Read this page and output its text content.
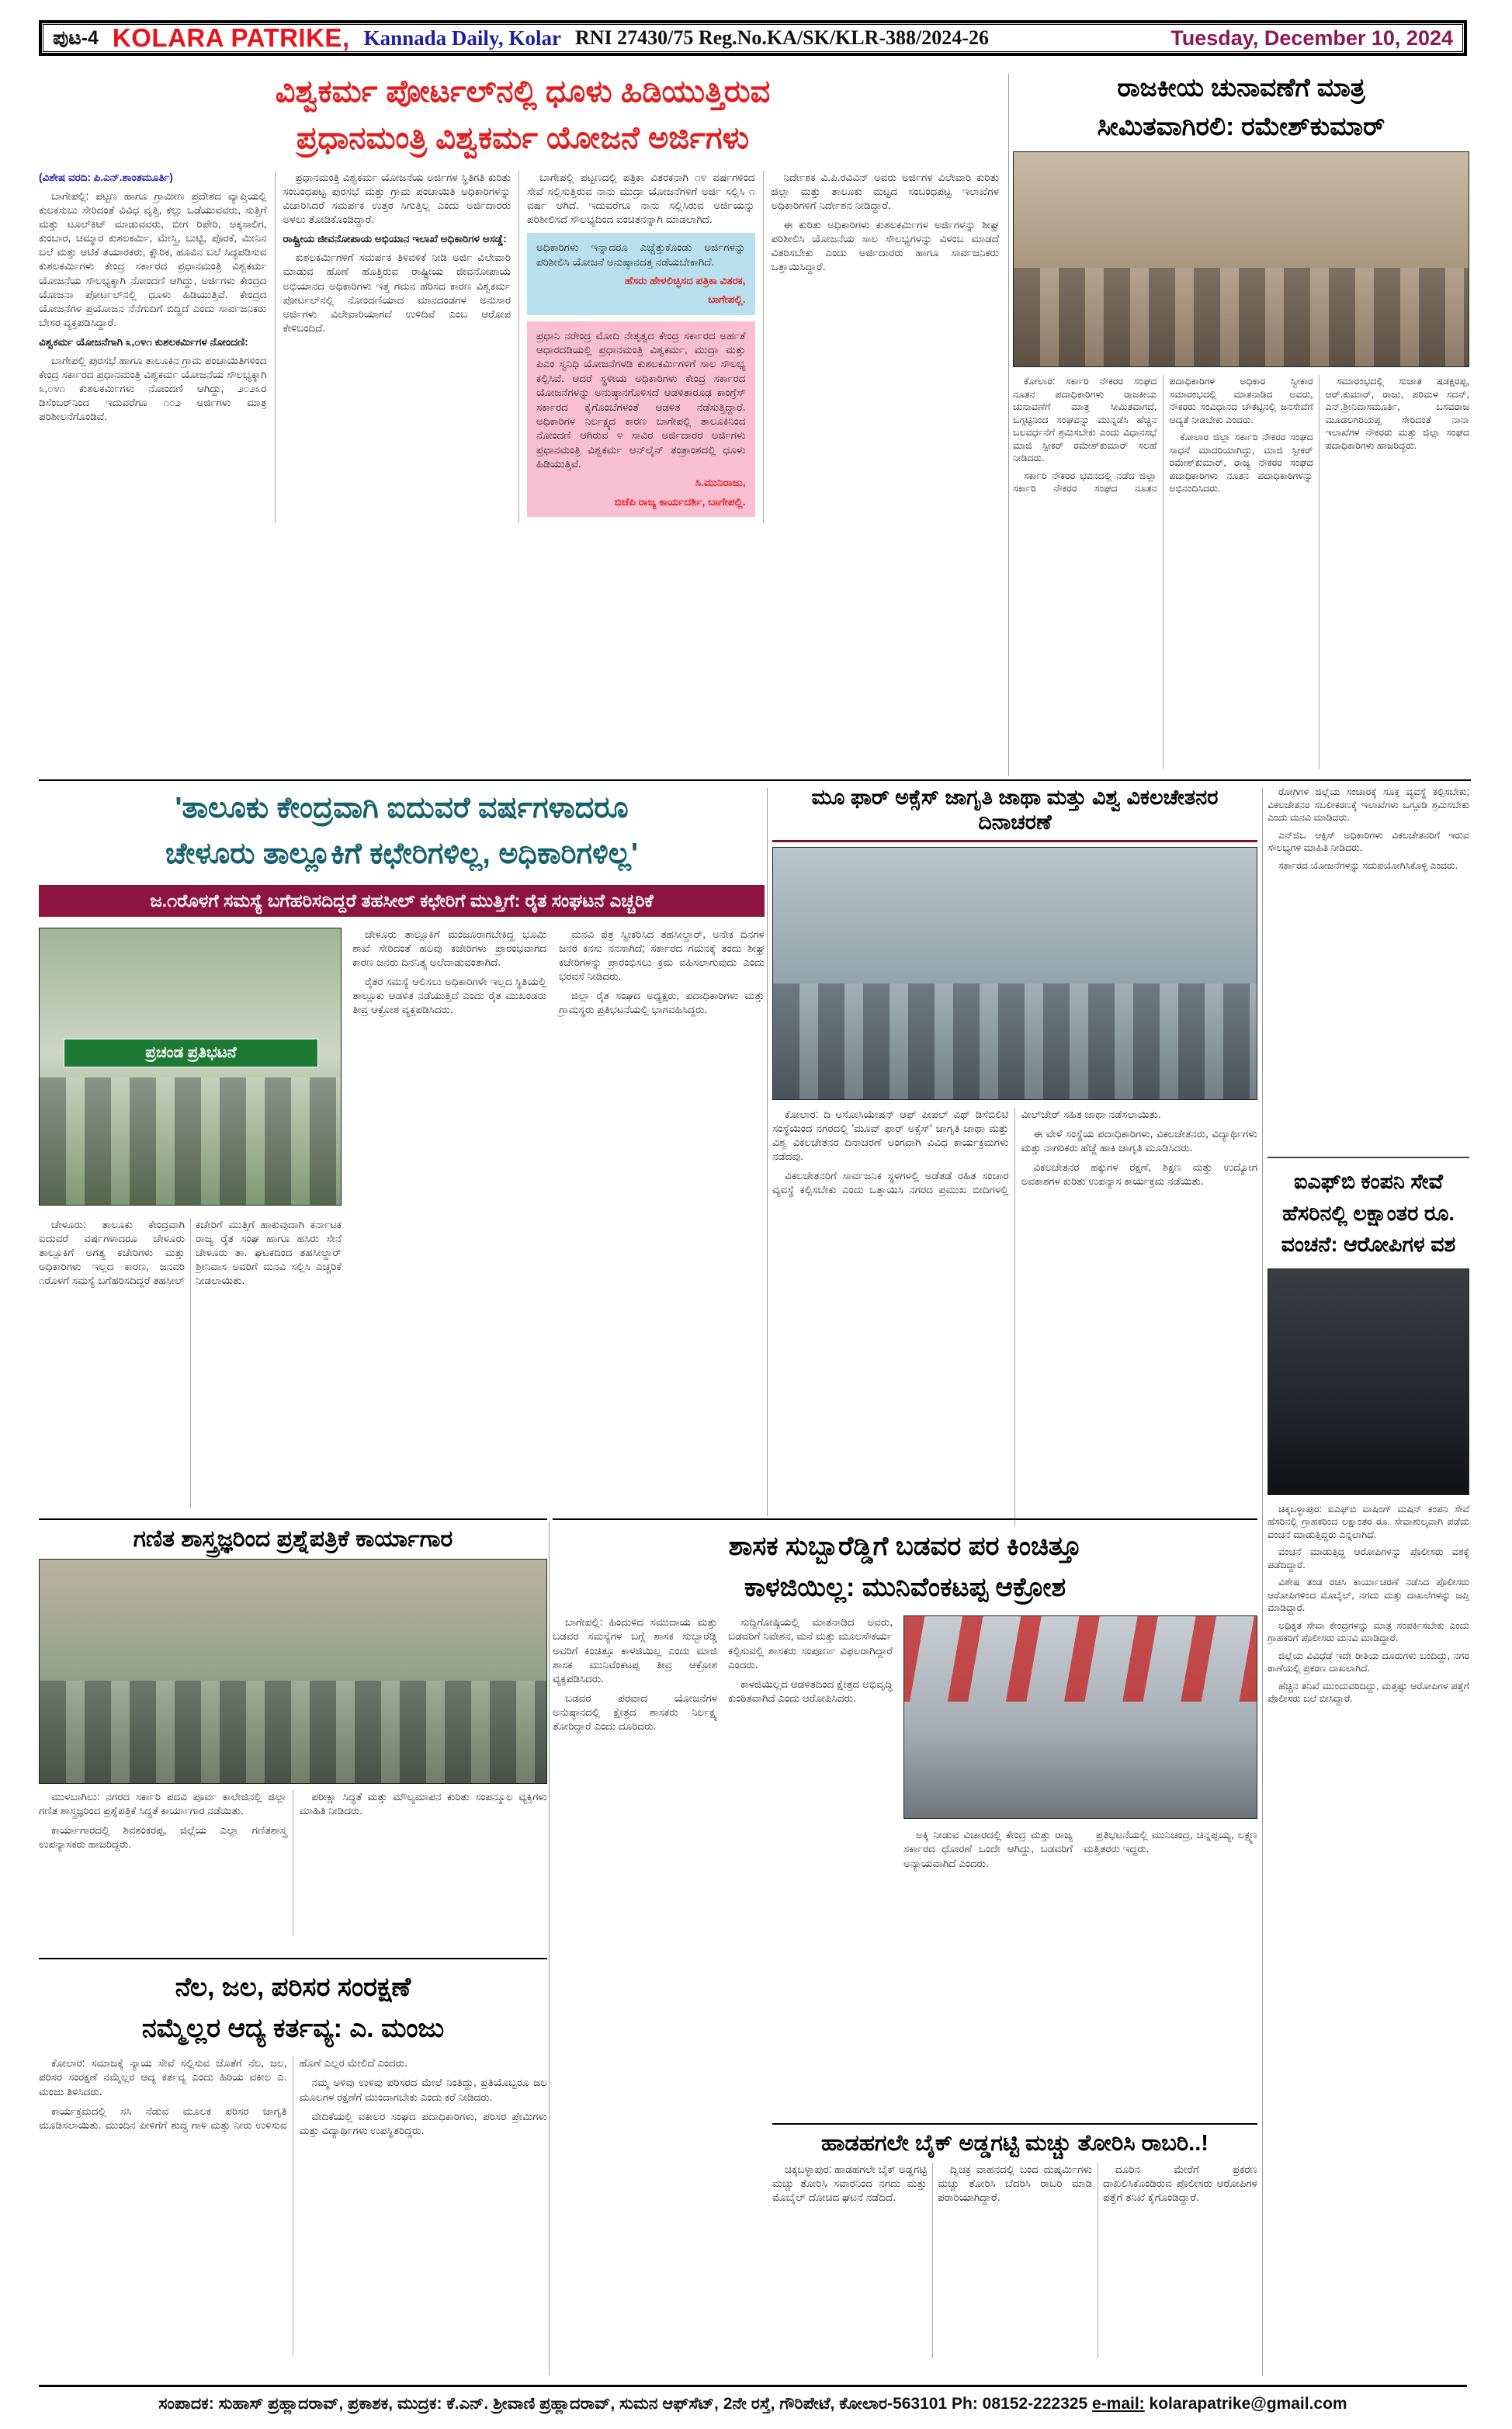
ಪುಟ-4 KOLARA PATRIKE, Kannada Daily, Kolar RNI 27430/75 Reg.No.KA/SK/KLR-388/2024-26	Tuesday, December 10, 2024
ವಿಶ್ವಕರ್ಮ ಪೋರ್ಟಲ್‌ನಲ್ಲಿ ಧೂಳು ಹಿಡಿಯುತ್ತಿರುವ
ಪ್ರಧಾನಮಂತ್ರಿ ವಿಶ್ವಕರ್ಮ ಯೋಜನೆ ಅರ್ಜಿಗಳು
(ವಿಶೇಷ ವರದಿ: ಪಿ.ಎನ್.ಶಾಂತಮೂರ್ತಿ)

ಬಾಗೇಪಲ್ಲಿ: ಪಟ್ಟಣ ಹಾಗೂ ಗ್ರಾಮೀಣ ಪ್ರದೇಶದ ವ್ಯಾಪ್ತಿಯಲ್ಲಿ ಕುಲಕಸುಬು ಸೇರಿದಂತೆ ವಿವಿಧ ವೃತ್ತಿ, ಕಲ್ಲು ಒಡೆಯುವವರು, ಸುತ್ತಿಗೆ ಮತ್ತು ಟೂಲ್‌ಕಿಟ್ ಮಾಡುವವರು, ಬೀಗ ರಿಪೇರಿ, ಅಕ್ಕಸಾಲಿಗ, ಕುಂಬಾರ, ಚಮ್ಮಾರ ಕುಶಲಕರ್ಮಿ, ಮೇಸ್ತ್ರಿ, ಬುಟ್ಟಿ, ಪೊರಕೆ, ಮೀನಿನ ಬಲೆ ಮತ್ತು ಆಟಿಕೆ ತಯಾರಕರು, ಕ್ಷೌರಿಕ, ಹೂವಿನ ಬಲೆ ಸಿದ್ಧಪಡಿಸುವ ಕುಶಲಕರ್ಮಿಗಳು ಕೇಂದ್ರ ಸರ್ಕಾರದ ಪ್ರಧಾನಮಂತ್ರಿ ವಿಶ್ವಕರ್ಮ ಯೋಜನೆಯ ಸೌಲಭ್ಯಕ್ಕಾಗಿ ನೋಂದಣಿ ಆಗಿದ್ದು, ಅರ್ಜಿಗಳು ಕೇಂದ್ರದ ಯೋಜನಾ ಪೋರ್ಟಲ್‌ನಲ್ಲಿ ಧೂಳು ಹಿಡಿಯುತ್ತಿವೆ. ಕೇಂದ್ರದ ಯೋಜನೆಗಳ ಪ್ರಯೋಜನ ನೆನೆಗುದಿಗೆ ಬಿದ್ದಿದೆ ಎಂದು ಸಾರ್ವಜನಿಕರು ಬೇಸರ ವ್ಯಕ್ತಪಡಿಸಿದ್ದಾರೆ.

ವಿಶ್ವಕರ್ಮ ಯೋಜನೆಗಾಗಿ ೩,೦೪೧ ಕುಶಲಕರ್ಮಿಗಳ ನೋಂದಣಿ:

ಬಾಗೇಪಲ್ಲಿ ಪುರಸಭೆ ಹಾಗೂ ತಾಲೂಕಿನ ಗ್ರಾಮ ಪಂಚಾಯಿತಿಗಳಿಂದ ಕೇಂದ್ರ ಸರ್ಕಾರದ ಪ್ರಧಾನಮಂತ್ರಿ ವಿಶ್ವಕರ್ಮ ಯೋಜನೆಯ ಸೌಲಭ್ಯಕ್ಕಾಗಿ ೩,೦೪೧ ಕುಶಲಕರ್ಮಿಗಳು ನೋಂದಣಿ ಆಗಿದ್ದು, ೨೦೨೩ರ ಡಿಸೆಂಬರ್‌ನಿಂದ ಇದುವರೆಗೂ ೧೦೨ ಅರ್ಜಿಗಳು ಮಾತ್ರ ಪರಿಶೀಲನೆಗೊಂಡಿವೆ.

ಪ್ರಧಾನಮಂತ್ರಿ ವಿಶ್ವಕರ್ಮ ಯೋಜನೆಯ ಅರ್ಜಿಗಳ ಸ್ಥಿತಿಗತಿ ಕುರಿತು ಸಂಬಂಧಪಟ್ಟ ಪುರಸಭೆ ಮತ್ತು ಗ್ರಾಮ ಪಂಚಾಯಿತಿ ಅಧಿಕಾರಿಗಳನ್ನು ವಿಚಾರಿಸಿದರೆ ಸಮರ್ಪಕ ಉತ್ತರ ಸಿಗುತ್ತಿಲ್ಲ ಎಂದು ಅರ್ಜಿದಾರರು ಅಳಲು ತೋಡಿಕೊಂಡಿದ್ದಾರೆ.

ರಾಷ್ಟ್ರೀಯ ಜೀವನೋಪಾಯ ಅಭಿಯಾನ ಇಲಾಖೆ ಅಧಿಕಾರಿಗಳ ಅಸಡ್ಡೆ:

ಕುಶಲಕರ್ಮಿಗಳಿಗೆ ಸಮರ್ಪಕ ತಿಳಿವಳಿಕೆ ನೀಡಿ ಅರ್ಜಿ ವಿಲೇವಾರಿ ಮಾಡುವ ಹೊಣೆ ಹೊತ್ತಿರುವ ರಾಷ್ಟ್ರೀಯ ಜೀವನೋಪಾಯ ಅಭಿಯಾನದ ಅಧಿಕಾರಿಗಳು ಇತ್ತ ಗಮನ ಹರಿಸದ ಕಾರಣ ವಿಶ್ವಕರ್ಮ ಪೋರ್ಟಲ್‌ನಲ್ಲಿ ನೋಂದಣಿಯಾದ ಮಾನದಂಡಗಳ ಅನುಸಾರ ಅರ್ಜಿಗಳು ವಿಲೇವಾರಿಯಾಗದೆ ಉಳಿದಿವೆ ಎಂಬ ಆರೋಪ ಕೇಳಿಬಂದಿದೆ.

ಬಾಗೇಪಲ್ಲಿ ಪಟ್ಟಣದಲ್ಲಿ ಪತ್ರಿಕಾ ವಿತರಕನಾಗಿ ೧೪ ವರ್ಷಗಳಿಂದ ಸೇವೆ ಸಲ್ಲಿಸುತ್ತಿರುವ ನಾನು ಮುದ್ರಾ ಯೋಜನೆಗಳಿಗೆ ಅರ್ಜಿ ಸಲ್ಲಿಸಿ ೧ ವರ್ಷ ಆಗಿದೆ. ಇದುವರೆಗೂ ನಾನು ಸಲ್ಲಿಸಿರುವ ಅರ್ಜಿಯನ್ನು ಪರಿಶೀಲಿಸದೆ ಸೌಲಭ್ಯದಿಂದ ವಂಚಿತನನ್ನಾಗಿ ಮಾಡಲಾಗಿದೆ.

ಅಧಿಕಾರಿಗಳು ಇನ್ನಾದರೂ ಎಚ್ಚೆತ್ತುಕೊಂಡು ಅರ್ಜಿಗಳನ್ನು ಪರಿಶೀಲಿಸಿ ಯೋಜನೆ ಅನುಷ್ಠಾನದತ್ತ ನಡೆಯಬೇಕಾಗಿದೆ.
ಹೆಸರು ಹೇಳಲಿಚ್ಛಿಸದ ಪತ್ರಿಕಾ ವಿತರಕ,
ಬಾಗೇಪಲ್ಲಿ.
ಪ್ರಧಾನಿ ನರೇಂದ್ರ ಮೋದಿ ನೇತೃತ್ವದ ಕೇಂದ್ರ ಸರ್ಕಾರದ ಅರ್ಹತೆ ಆಧಾರದಡಿಯಲ್ಲಿ ಪ್ರಧಾನಮಂತ್ರಿ ವಿಶ್ವಕರ್ಮ, ಮುದ್ರಾ ಮತ್ತು ಪಿಎಂ ಸ್ವನಿಧಿ ಯೋಜನೆಗಳಡಿ ಕುಶಲಕರ್ಮಿಗಳಿಗೆ ಸಾಲ ಸೌಲಭ್ಯ ಕಲ್ಪಿಸಿವೆ. ಆದರೆ ಸ್ಥಳೀಯ ಅಧಿಕಾರಿಗಳು ಕೇಂದ್ರ ಸರ್ಕಾರದ ಯೋಜನೆಗಳನ್ನು ಅನುಷ್ಠಾನಗೊಳಿಸದೆ ಆಡಳಿತಾರೂಢ ಕಾಂಗ್ರೆಸ್ ಸರ್ಕಾರದ ಕೈಗೊಂಬೆಗಳಂತೆ ಆಡಳಿತ ನಡೆಸುತ್ತಿದ್ದಾರೆ. ಅಧಿಕಾರಿಗಳ ನಿರ್ಲಕ್ಷ್ಯದ ಕಾರಣ ಬಾಗೇಪಲ್ಲಿ ತಾಲೂಕಿನಿಂದ ನೋಂದಣಿ ಆಗಿರುವ ೪ ಸಾವಿರ ಅರ್ಜಿದಾರರ ಅರ್ಜಿಗಳು ಪ್ರಧಾನಮಂತ್ರಿ ವಿಶ್ವಕರ್ಮ ಆನ್‌ಲೈನ್ ತಂತ್ರಾಂಶದಲ್ಲಿ ಧೂಳು ಹಿಡಿಯುತ್ತಿವೆ.
ಸಿ.ಮುನಿರಾಜು,
ಬಿಜೆಪಿ ರಾಜ್ಯ ಕಾರ್ಯದರ್ಶಿ, ಬಾಗೇಪಲ್ಲಿ.

ನಿರ್ದೇಶಕ ವಿ.ಪಿ.ರವಿವಿನ್ ಅವರು ಅರ್ಜಿಗಳ ವಿಲೇವಾರಿ ಕುರಿತು ಜಿಲ್ಲಾ ಮತ್ತು ತಾಲೂಕು ಮಟ್ಟದ ಸಂಬಂಧಪಟ್ಟ ಇಲಾಖೆಗಳ ಅಧಿಕಾರಿಗಳಿಗೆ ನಿರ್ದೇಶನ ನೀಡಿದ್ದಾರೆ.

ಈ ಕುರಿತು ಅಧಿಕಾರಿಗಳು ಕುಶಲಕರ್ಮಿಗಳ ಅರ್ಜಿಗಳನ್ನು ಶೀಘ್ರ ಪರಿಶೀಲಿಸಿ ಯೋಜನೆಯ ಸಾಲ ಸೌಲಭ್ಯಗಳನ್ನು ವಿಳಂಬ ಮಾಡದೆ ವಿತರಿಸಬೇಕು ಎಂದು ಅರ್ಜಿದಾರರು ಹಾಗೂ ಸಾರ್ವಜನಿಕರು ಒತ್ತಾಯಿಸಿದ್ದಾರೆ.

ರಾಜಕೀಯ ಚುನಾವಣೆಗೆ ಮಾತ್ರ
ಸೀಮಿತವಾಗಿರಲಿ: ರಮೇಶ್‌ಕುಮಾರ್

ಕೋಲಾರ: ಸರ್ಕಾರಿ ನೌಕರರ ಸಂಘದ ನೂತನ ಪದಾಧಿಕಾರಿಗಳು ರಾಜಕೀಯ ಚುನಾವಣೆಗೆ ಮಾತ್ರ ಸೀಮಿತವಾಗದೆ, ಒಗ್ಗಟ್ಟಿನಿಂದ ಸಂಘವನ್ನು ಮುನ್ನಡೆಸಿ ಹೆಚ್ಚಿನ ಬಲವರ್ಧನೆಗೆ ಶ್ರಮಿಸಬೇಕು ಎಂದು ವಿಧಾನಸಭೆ ಮಾಜಿ ಸ್ಪೀಕರ್ ರಮೇಶ್‌ಕುಮಾರ್ ಸಲಹೆ ನೀಡಿದರು.

ಸರ್ಕಾರಿ ನೌಕರರ ಭವನದಲ್ಲಿ ನಡೆದ ಜಿಲ್ಲಾ ಸರ್ಕಾರಿ ನೌಕರರ ಸಂಘದ ನೂತನ ಪದಾಧಿಕಾರಿಗಳ ಅಧಿಕಾರ ಸ್ವೀಕಾರ ಸಮಾರಂಭದಲ್ಲಿ ಮಾತನಾಡಿದ ಅವರು, ನೌಕರರು ಸಂವಿಧಾನದ ಚೌಕಟ್ಟಿನಲ್ಲಿ ಜನಸೇವೆಗೆ ಆದ್ಯತೆ ನೀಡಬೇಕು ಎಂದರು.

ಕೋಲಾರ ಜಿಲ್ಲಾ ಸರ್ಕಾರಿ ನೌಕರರ ಸಂಘದ ಸಾಧನೆ ಮಾದರಿಯಾಗಿದ್ದು, ಮಾಜಿ ಸ್ಪೀಕರ್ ರಮೇಶ್‌ಕುಮಾರ್, ರಾಜ್ಯ ನೌಕರರ ಸಂಘದ ಪದಾಧಿಕಾರಿಗಳು ನೂತನ ಪದಾಧಿಕಾರಿಗಳನ್ನು ಅಭಿನಂದಿಸಿದರು.

ಸಮಾರಂಭದಲ್ಲಿ ಸುಜಾತ ಷಡಕ್ಷರಪ್ಪ, ಆರ್.ಕುಮಾರ್, ರಾಜು, ಪರಿಮಳ ಸದನ್, ಎನ್.ಶ್ರೀನಿವಾಸಮೂರ್ತಿ, ಬಸವರಾಜ ಮೂಡಲಗಿರಿಯಪ್ಪ ಸೇರಿದಂತೆ ನಾನಾ ಇಲಾಖೆಗಳ ನೌಕರರು ಮತ್ತು ಜಿಲ್ಲಾ ಸಂಘದ ಪದಾಧಿಕಾರಿಗಳು ಹಾಜರಿದ್ದರು.

'ತಾಲೂಕು ಕೇಂದ್ರವಾಗಿ ಐದುವರೆ ವರ್ಷಗಳಾದರೂ
ಚೇಳೂರು ತಾಲ್ಲೂಕಿಗೆ ಕಛೇರಿಗಳಿಲ್ಲ, ಅಧಿಕಾರಿಗಳಿಲ್ಲ'
ಜ.೧ರೊಳಗೆ ಸಮಸ್ಯೆ ಬಗೆಹರಿಸದಿದ್ದರೆ ತಹಸೀಲ್ ಕಛೇರಿಗೆ ಮುತ್ತಿಗೆ: ರೈತ ಸಂಘಟನೆ ಎಚ್ಚರಿಕೆ
ಪ್ರಚಂಡ ಪ್ರತಿಭಟನೆ

ಚೇಳೂರು ತಾಲ್ಲೂಕಿಗೆ ಮಂಜೂರಾಗಬೇಕಿದ್ದ ಭೂಮಿ ಶಾಖೆ ಸೇರಿದಂತೆ ಹಲವು ಕಚೇರಿಗಳು ಪ್ರಾರಂಭವಾಗದ ಕಾರಣ ಜನರು ದಿನನಿತ್ಯ ಅಲೆದಾಡುವಂತಾಗಿದೆ.

ರೈತರ ಸಮಸ್ಯೆ ಆಲಿಸಲು ಅಧಿಕಾರಿಗಳೇ ಇಲ್ಲದ ಸ್ಥಿತಿಯಲ್ಲಿ ತಾಲ್ಲೂಕು ಆಡಳಿತ ನಡೆಯುತ್ತಿದೆ ಎಂದು ರೈತ ಮುಖಂಡರು ತೀವ್ರ ಆಕ್ರೋಶ ವ್ಯಕ್ತಪಡಿಸಿದರು.

ಮನವಿ ಪತ್ರ ಸ್ವೀಕರಿಸಿದ ತಹಸೀಲ್ದಾರ್, ಅನೇಕ ದಿನಗಳ ಜನರ ಕನಸು ನನಸಾಗಿದೆ; ಸರ್ಕಾರದ ಗಮನಕ್ಕೆ ತಂದು ಶೀಘ್ರ ಕಚೇರಿಗಳನ್ನು ಪ್ರಾರಂಭಿಸಲು ಕ್ರಮ ವಹಿಸಲಾಗುವುದು ಎಂದು ಭರವಸೆ ನೀಡಿದರು.

ಜಿಲ್ಲಾ ರೈತ ಸಂಘದ ಅಧ್ಯಕ್ಷರು, ಪದಾಧಿಕಾರಿಗಳು ಮತ್ತು ಗ್ರಾಮಸ್ಥರು ಪ್ರತಿಭಟನೆಯಲ್ಲಿ ಭಾಗವಹಿಸಿದ್ದರು.

ಚೇಳೂರು: ತಾಲೂಕು ಕೇಂದ್ರವಾಗಿ ಐದುವರೆ ವರ್ಷಗಳಾದರೂ ಚೇಳೂರು ತಾಲ್ಲೂಕಿಗೆ ಅಗತ್ಯ ಕಚೇರಿಗಳು ಮತ್ತು ಅಧಿಕಾರಿಗಳು ಇಲ್ಲದ ಕಾರಣ, ಜನವರಿ ೧ರೊಳಗೆ ಸಮಸ್ಯೆ ಬಗೆಹರಿಸದಿದ್ದರೆ ತಹಸೀಲ್ ಕಚೇರಿಗೆ ಮುತ್ತಿಗೆ ಹಾಕುವುದಾಗಿ ಕರ್ನಾಟಕ ರಾಜ್ಯ ರೈತ ಸಂಘ ಹಾಗೂ ಹಸಿರು ಸೇನೆ ಚೇಳೂರು ತಾ. ಘಟಕದಿಂದ ತಹಸೀಲ್ದಾರ್ ಶ್ರೀನಿವಾಸ ಅವರಿಗೆ ಮನವಿ ಸಲ್ಲಿಸಿ ಎಚ್ಚರಿಕೆ ನೀಡಲಾಯಿತು.

ಮೂ ಫಾರ್ ಅಕ್ಸೆಸ್ ಜಾಗೃತಿ ಜಾಥಾ ಮತ್ತು ವಿಶ್ವ ವಿಕಲಚೇತನರ ದಿನಾಚರಣೆ

ಕೋಲಾರ: ದಿ ಅಸೋಸಿಯೇಷನ್ ಆಫ್ ಪೀಪಲ್ ವಿಥ್ ಡಿಸೆಬಿಲಿಟಿ ಸಂಸ್ಥೆಯಿಂದ ನಗರದಲ್ಲಿ 'ಮೂವ್ ಫಾರ್ ಅಕ್ಸೆಸ್' ಜಾಗೃತಿ ಜಾಥಾ ಮತ್ತು ವಿಶ್ವ ವಿಕಲಚೇತನರ ದಿನಾಚರಣೆ ಅಂಗವಾಗಿ ವಿವಿಧ ಕಾರ್ಯಕ್ರಮಗಳು ನಡೆದವು.

ವಿಕಲಚೇತನರಿಗೆ ಸಾರ್ವಜನಿಕ ಸ್ಥಳಗಳಲ್ಲಿ ಅಡೆತಡೆ ರಹಿತ ಸಂಚಾರ ವ್ಯವಸ್ಥೆ ಕಲ್ಪಿಸಬೇಕು ಎಂದು ಒತ್ತಾಯಿಸಿ ನಗರದ ಪ್ರಮುಖ ಬೀದಿಗಳಲ್ಲಿ ವೀಲ್‌ಚೇರ್ ಸಹಿತ ಜಾಥಾ ನಡೆಸಲಾಯಿತು.

ಈ ವೇಳೆ ಸಂಸ್ಥೆಯ ಪದಾಧಿಕಾರಿಗಳು, ವಿಕಲಚೇತನರು, ವಿದ್ಯಾರ್ಥಿಗಳು ಮತ್ತು ನಾಗರಿಕರು ಹೆಜ್ಜೆ ಹಾಕಿ ಜಾಗೃತಿ ಮೂಡಿಸಿದರು.

ವಿಕಲಚೇತನರ ಹಕ್ಕುಗಳ ರಕ್ಷಣೆ, ಶಿಕ್ಷಣ ಮತ್ತು ಉದ್ಯೋಗ ಅವಕಾಶಗಳ ಕುರಿತು ಉಪನ್ಯಾಸ ಕಾರ್ಯಕ್ರಮ ನಡೆಯಿತು.

ರೋಗಿಗಳ ಜಿಲ್ಲೆಯ ಸಂಚಾರಕ್ಕೆ ಸೂಕ್ತ ವ್ಯವಸ್ಥೆ ಕಲ್ಪಿಸಬೇಕು; ವಿಕಲಚೇತನರ ಸಬಲೀಕರಣಕ್ಕೆ ಇಲಾಖೆಗಳು ಒಗ್ಗೂಡಿ ಶ್ರಮಿಸಬೇಕು ಎಂದು ಮನವಿ ಮಾಡಿದರು.

ಎನ್‌ಜಿಒ ಆಕ್ಸಿಸ್ ಅಧಿಕಾರಿಗಳು ವಿಕಲಚೇತನರಿಗೆ ಇರುವ ಸೌಲಭ್ಯಗಳ ಮಾಹಿತಿ ನೀಡಿದರು.

ಸರ್ಕಾರದ ಯೋಜನೆಗಳನ್ನು ಸದುಪಯೋಗಿಸಿಕೊಳ್ಳಿ ಎಂದರು.

ಐಎಫ್‌ಬಿ ಕಂಪನಿ ಸೇವೆ
ಹೆಸರಿನಲ್ಲಿ ಲಕ್ಷಾಂತರ ರೂ.
ವಂಚನೆ: ಆರೋಪಿಗಳ ವಶ

ಚಿಕ್ಕಬಳ್ಳಾಪುರ: ಐಎಫ್‌ಬಿ ವಾಷಿಂಗ್ ಮಷಿನ್ ಕಂಪನಿ ಸೇವೆ ಹೆಸರಿನಲ್ಲಿ ಗ್ರಾಹಕರಿಂದ ಲಕ್ಷಾಂತರ ರೂ. ಸೇವಾಶುಲ್ಕವಾಗಿ ಪಡೆದು ವಂಚನೆ ಮಾಡುತ್ತಿದ್ದರು ಎನ್ನಲಾಗಿದೆ.

ವಂಚನೆ ಮಾಡುತ್ತಿದ್ದ ಆರೋಪಿಗಳನ್ನು ಪೊಲೀಸರು ವಶಕ್ಕೆ ಪಡೆದಿದ್ದಾರೆ.

ವಿಶೇಷ ತಂಡ ರಚಿಸಿ ಕಾರ್ಯಾಚರಣೆ ನಡೆಸಿದ ಪೊಲೀಸರು ಆರೋಪಿಗಳಿಂದ ಮೊಬೈಲ್, ನಗದು ಮತ್ತು ದಾಖಲೆಗಳನ್ನು ಜಪ್ತಿ ಮಾಡಿದ್ದಾರೆ.

ಅಧಿಕೃತ ಸೇವಾ ಕೇಂದ್ರಗಳನ್ನು ಮಾತ್ರ ಸಂಪರ್ಕಿಸಬೇಕು ಎಂದು ಗ್ರಾಹಕರಿಗೆ ಪೊಲೀಸರು ಮನವಿ ಮಾಡಿದ್ದಾರೆ.

ಜಿಲ್ಲೆಯ ವಿವಿಧೆಡೆ ಇದೇ ರೀತಿಯ ದೂರುಗಳು ಬಂದಿದ್ದು, ನಗರ ಠಾಣೆಯಲ್ಲಿ ಪ್ರಕರಣ ದಾಖಲಾಗಿದೆ.

ಹೆಚ್ಚಿನ ತನಿಖೆ ಮುಂದುವರಿದಿದ್ದು, ಮತ್ತಷ್ಟು ಆರೋಪಿಗಳ ಪತ್ತೆಗೆ ಪೊಲೀಸರು ಬಲೆ ಬೀಸಿದ್ದಾರೆ.

ಗಣಿತ ಶಾಸ್ತ್ರಜ್ಞರಿಂದ ಪ್ರಶ್ನೆಪತ್ರಿಕೆ ಕಾರ್ಯಾಗಾರ

ಮುಳಬಾಗಿಲು: ನಗರದ ಸರ್ಕಾರಿ ಪದವಿ ಪೂರ್ವ ಕಾಲೇಜಿನಲ್ಲಿ ಜಿಲ್ಲಾ ಗಣಿತ ಶಾಸ್ತ್ರಜ್ಞರಿಂದ ಪ್ರಶ್ನೆಪತ್ರಿಕೆ ಸಿದ್ಧತೆ ಕಾರ್ಯಾಗಾರ ನಡೆಯಿತು.

ಕಾರ್ಯಾಗಾರದಲ್ಲಿ ಶಿವಶಂಕರಪ್ಪ, ಜಿಲ್ಲೆಯ ಎಲ್ಲಾ ಗಣಿತಶಾಸ್ತ್ರ ಉಪನ್ಯಾಸಕರು ಹಾಜರಿದ್ದರು.

ಪರೀಕ್ಷಾ ಸಿದ್ಧತೆ ಮತ್ತು ಮೌಲ್ಯಮಾಪನ ಕುರಿತು ಸಂಪನ್ಮೂಲ ವ್ಯಕ್ತಿಗಳು ಮಾಹಿತಿ ನೀಡಿದರು.

ಶಾಸಕ ಸುಬ್ಬಾರೆಡ್ಡಿಗೆ ಬಡವರ ಪರ ಕಿಂಚಿತ್ತೂ
ಕಾಳಜಿಯಿಲ್ಲ: ಮುನಿವೆಂಕಟಪ್ಪ ಆಕ್ರೋಶ

ಬಾಗೇಪಲ್ಲಿ: ಹಿಂದುಳಿದ ಸಮುದಾಯ ಮತ್ತು ಬಡವರ ಸಮಸ್ಯೆಗಳ ಬಗ್ಗೆ ಶಾಸಕ ಸುಬ್ಬಾರೆಡ್ಡಿ ಅವರಿಗೆ ಕಿಂಚಿತ್ತೂ ಕಾಳಜಿಯಿಲ್ಲ ಎಂದು ಮಾಜಿ ಶಾಸಕ ಮುನಿವೆಂಕಟಪ್ಪ ತೀವ್ರ ಆಕ್ರೋಶ ವ್ಯಕ್ತಪಡಿಸಿದರು.

ಬಡವರ ಪರವಾದ ಯೋಜನೆಗಳ ಅನುಷ್ಠಾನದಲ್ಲಿ ಕ್ಷೇತ್ರದ ಶಾಸಕರು ನಿರ್ಲಕ್ಷ್ಯ ತೋರಿದ್ದಾರೆ ಎಂದು ದೂರಿದರು.

ಸುದ್ದಿಗೋಷ್ಠಿಯಲ್ಲಿ ಮಾತನಾಡಿದ ಅವರು, ಬಡವರಿಗೆ ನಿವೇಶನ, ಮನೆ ಮತ್ತು ಮೂಲಸೌಕರ್ಯ ಕಲ್ಪಿಸುವಲ್ಲಿ ಶಾಸಕರು ಸಂಪೂರ್ಣ ವಿಫಲರಾಗಿದ್ದಾರೆ ಎಂದರು.

ಕಾಳಜಿಯಿಲ್ಲದ ಆಡಳಿತದಿಂದ ಕ್ಷೇತ್ರದ ಅಭಿವೃದ್ಧಿ ಕುಂಠಿತವಾಗಿದೆ ಎಂದು ಆರೋಪಿಸಿದರು.

ಅಕ್ಕಿ ನೀಡುವ ವಿಚಾರದಲ್ಲಿ ಕೇಂದ್ರ ಮತ್ತು ರಾಜ್ಯ ಸರ್ಕಾರದ ಧೋರಣೆ ಒಂದೇ ಆಗಿದ್ದು, ಬಡವರಿಗೆ ಅನ್ಯಾಯವಾಗಿದೆ ಎಂದರು.

ಪ್ರತಿಭಟನೆಯಲ್ಲಿ ಮುನಿಚಂದ್ರ, ಚಿನ್ನಪ್ಪಯ್ಯ, ಲಕ್ಷ್ಮಣ ಮತ್ತಿತರರು ಇದ್ದರು.

ನೆಲ, ಜಲ, ಪರಿಸರ ಸಂರಕ್ಷಣೆ
ನಮ್ಮೆಲ್ಲರ ಆದ್ಯ ಕರ್ತವ್ಯ: ಎ. ಮಂಜು

ಕೋಲಾರ: ಸಮಾಜಕ್ಕೆ ನ್ಯಾಯ ಸೇವೆ ಸಲ್ಲಿಸುವ ಜೊತೆಗೆ ನೆಲ, ಜಲ, ಪರಿಸರ ಸಂರಕ್ಷಣೆ ನಮ್ಮೆಲ್ಲರ ಆದ್ಯ ಕರ್ತವ್ಯ ಎಂದು ಹಿರಿಯ ವಕೀಲ ಎ. ಮಂಜು ತಿಳಿಸಿದರು.

ಕಾರ್ಯಕ್ರಮದಲ್ಲಿ ಸಸಿ ನೆಡುವ ಮೂಲಕ ಪರಿಸರ ಜಾಗೃತಿ ಮೂಡಿಸಲಾಯಿತು. ಮುಂದಿನ ಪೀಳಿಗೆಗೆ ಶುದ್ಧ ಗಾಳಿ ಮತ್ತು ನೀರು ಉಳಿಸುವ ಹೊಣೆ ಎಲ್ಲರ ಮೇಲಿದೆ ಎಂದರು.

ನಮ್ಮ ಅಳಿವು ಉಳಿವು ಪರಿಸರದ ಮೇಲೆ ನಿಂತಿದ್ದು, ಪ್ರತಿಯೊಬ್ಬರೂ ಜಲ ಮೂಲಗಳ ರಕ್ಷಣೆಗೆ ಮುಂದಾಗಬೇಕು ಎಂದು ಕರೆ ನೀಡಿದರು.

ವೇದಿಕೆಯಲ್ಲಿ ವಕೀಲರ ಸಂಘದ ಪದಾಧಿಕಾರಿಗಳು, ಪರಿಸರ ಪ್ರೇಮಿಗಳು ಮತ್ತು ವಿದ್ಯಾರ್ಥಿಗಳು ಉಪಸ್ಥಿತರಿದ್ದರು.

ಹಾಡಹಗಲೇ ಬೈಕ್ ಅಡ್ಡಗಟ್ಟಿ ಮಚ್ಚು ತೋರಿಸಿ ರಾಬರಿ..!

ಚಿಕ್ಕಬಳ್ಳಾಪುರ: ಹಾಡಹಗಲೇ ಬೈಕ್ ಅಡ್ಡಗಟ್ಟಿ ಮಚ್ಚು ತೋರಿಸಿ ಸವಾರನಿಂದ ನಗದು ಮತ್ತು ಮೊಬೈಲ್ ದೋಚಿದ ಘಟನೆ ನಡೆದಿದೆ.

ದ್ವಿಚಕ್ರ ವಾಹನದಲ್ಲಿ ಬಂದ ದುಷ್ಕರ್ಮಿಗಳು ಮಚ್ಚು ತೋರಿಸಿ ಬೆದರಿಸಿ ರಾಬರಿ ಮಾಡಿ ಪರಾರಿಯಾಗಿದ್ದಾರೆ.

ದೂರಿನ ಮೇರೆಗೆ ಪ್ರಕರಣ ದಾಖಲಿಸಿಕೊಂಡಿರುವ ಪೊಲೀಸರು ಆರೋಪಿಗಳ ಪತ್ತೆಗೆ ತನಿಖೆ ಕೈಗೊಂಡಿದ್ದಾರೆ.

ಸಂಪಾದಕ: ಸುಹಾಸ್ ಪ್ರಹ್ಲಾದರಾವ್, ಪ್ರಕಾಶಕ, ಮುದ್ರಕ: ಕೆ.ಎನ್. ಶ್ರೀವಾಣಿ ಪ್ರಹ್ಲಾದರಾವ್, ಸುಮನ ಆಫ್‌ಸೆಟ್, 2ನೇ ರಸ್ತೆ, ಗೌರಿಪೇಟೆ, ಕೋಲಾರ-563101 Ph: 08152-222325 e-mail: kolarapatrike@gmail.com
